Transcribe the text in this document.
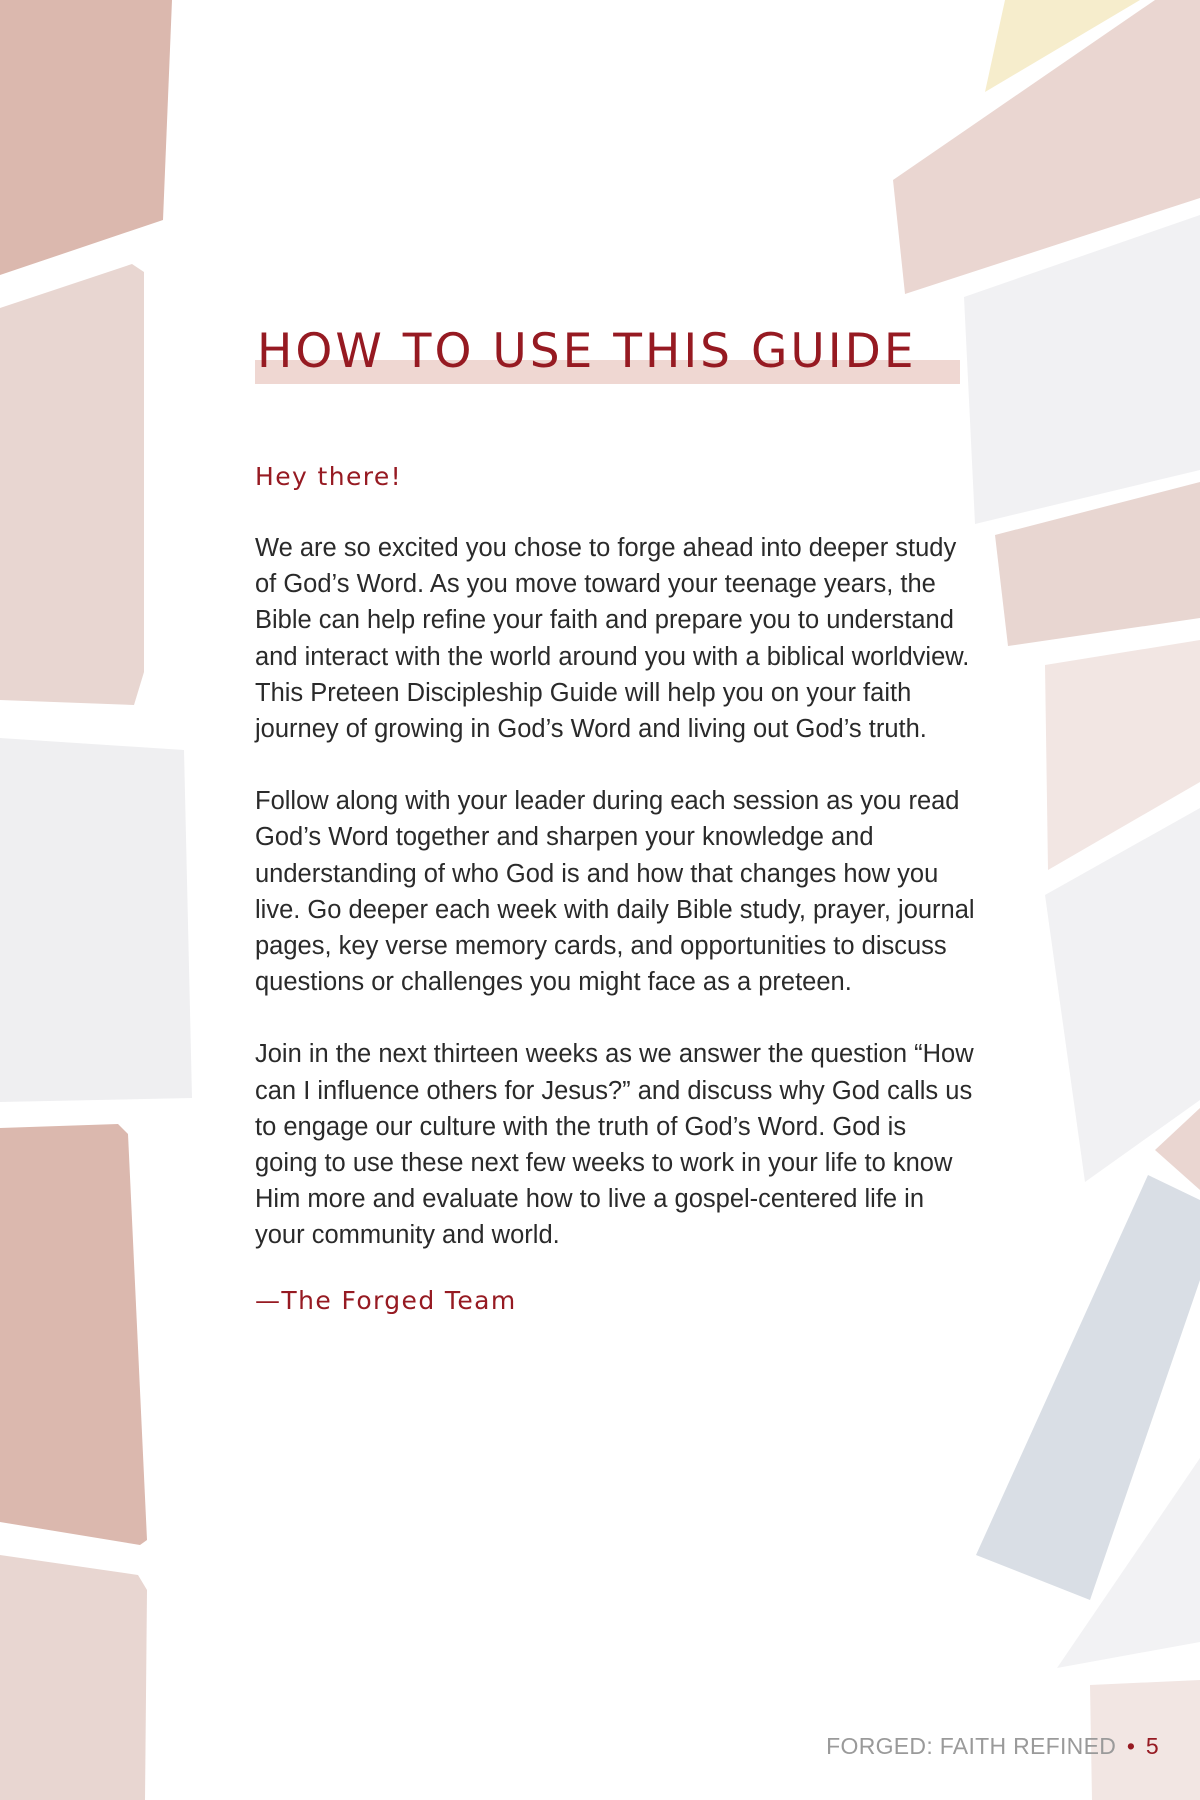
HOW TO USE THIS GUIDE

Hey there!

We are so excited you chose to forge ahead into deeper study of God’s Word. As you move toward your teenage years, the Bible can help refine your faith and prepare you to understand and interact with the world around you with a biblical worldview. This Preteen Discipleship Guide will help you on your faith journey of growing in God’s Word and living out God’s truth.

Follow along with your leader during each session as you read God’s Word together and sharpen your knowledge and understanding of who God is and how that changes how you live. Go deeper each week with daily Bible study, prayer, journal pages, key verse memory cards, and opportunities to discuss questions or challenges you might face as a preteen.

Join in the next thirteen weeks as we answer the question “How can I influence others for Jesus?” and discuss why God calls us to engage our culture with the truth of God’s Word. God is going to use these next few weeks to work in your life to know Him more and evaluate how to live a gospel-centered life in your community and world.

—The Forged Team

FORGED: FAITH REFINED • 5
